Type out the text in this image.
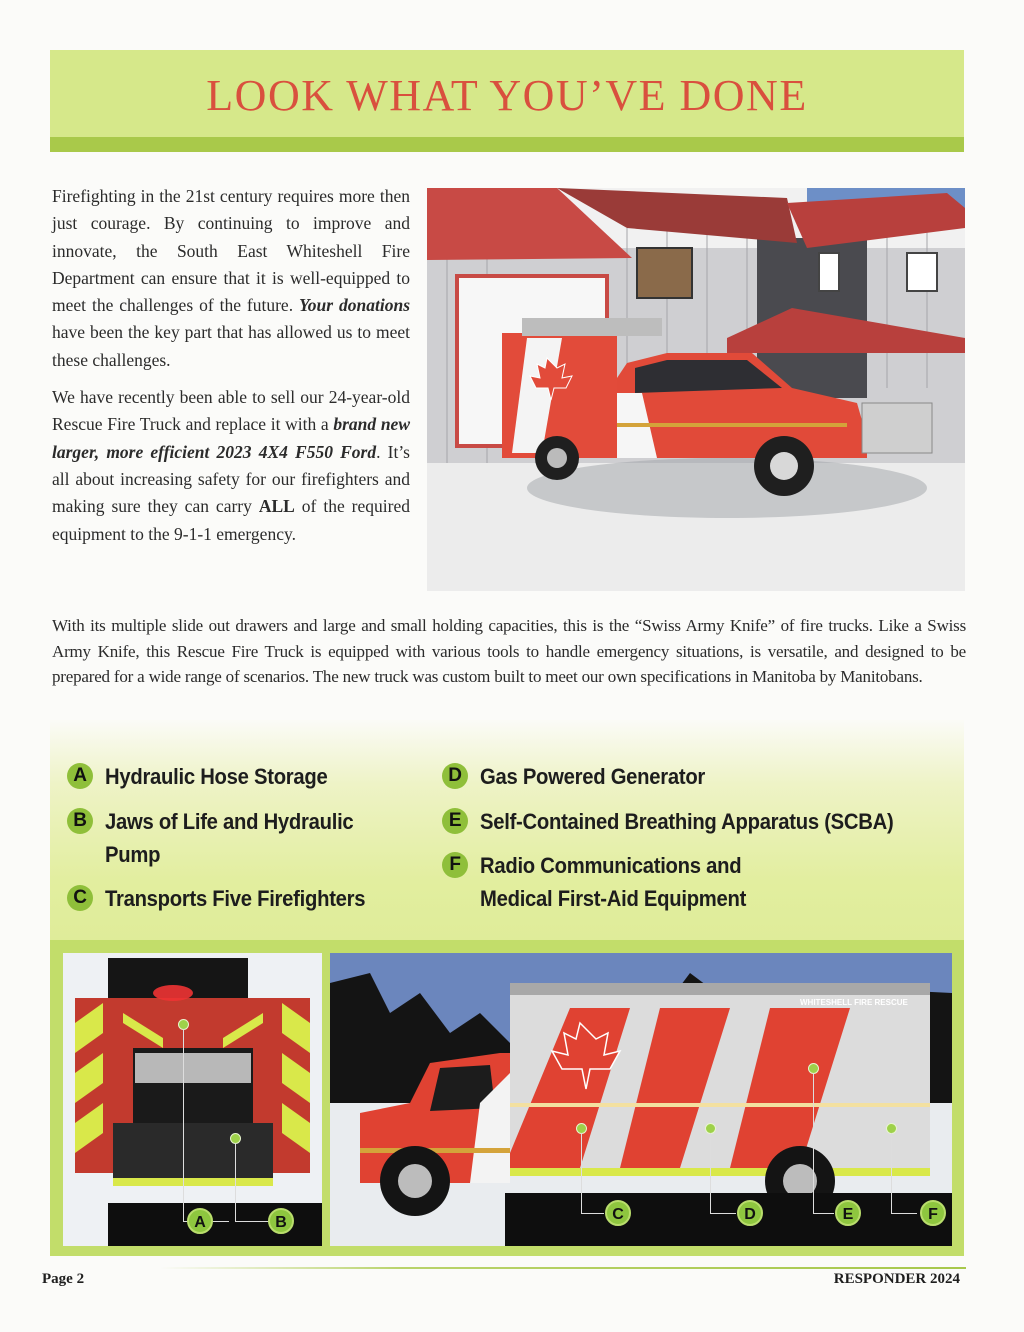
LOOK WHAT YOU’VE DONE

Firefighting in the 21st century requires more then just courage. By continuing to improve and innovate, the South East Whiteshell Fire Department can ensure that it is well-equipped to meet the challenges of the future. Your donations have been the key part that has allowed us to meet these challenges.

We have recently been able to sell our 24-year-old Rescue Fire Truck and replace it with a brand new larger, more efficient 2023 4X4 F550 Ford. It’s all about increasing safety for our firefighters and making sure they can carry ALL of the required equipment to the 9-1-1 emergency.

With its multiple slide out drawers and large and small holding capacities, this is the “Swiss Army Knife” of fire trucks. Like a Swiss Army Knife, this Rescue Fire Truck is equipped with various tools to handle emergency situations, is versatile, and designed to be prepared for a wide range of scenarios. The new truck was custom built to meet our own specifications in Manitoba by Manitobans.

A Hydraulic Hose Storage
B Jaws of Life and Hydraulic
Pump
C Transports Five Firefighters
D Gas Powered Generator
E Self-Contained Breathing Apparatus (SCBA)
F Radio Communications and
Medical First-Aid Equipment
A	B
WHITESHELL FIRE RESCUE
C	D	E	F
Page 2	RESPONDER 2024
